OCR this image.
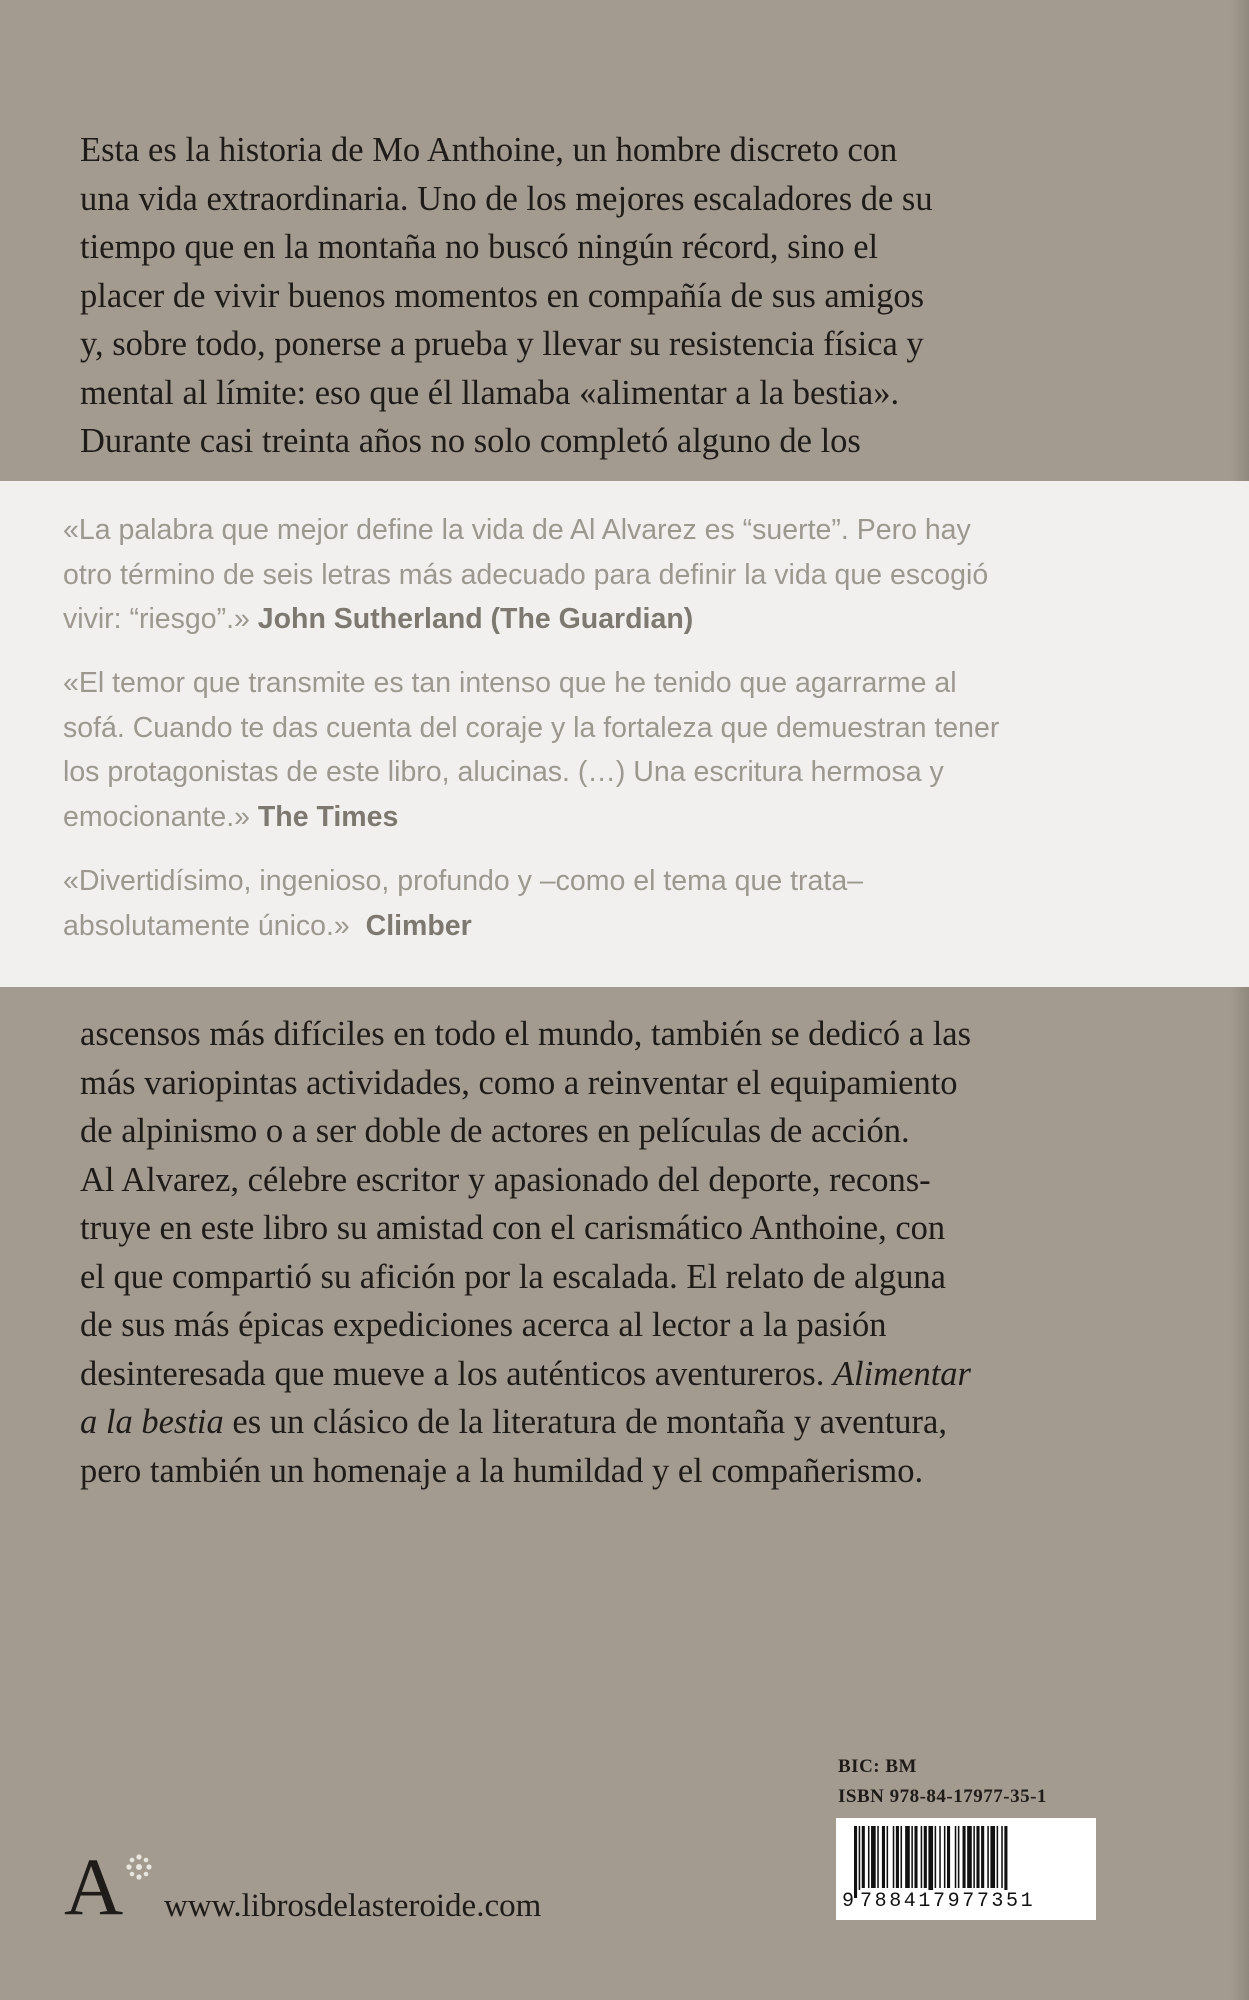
Esta es la historia de Mo Anthoine, un hombre discreto con
una vida extraordinaria. Uno de los mejores escaladores de su
tiempo que en la montaña no buscó ningún récord, sino el
placer de vivir buenos momentos en compañía de sus amigos
y, sobre todo, ponerse a prueba y llevar su resistencia física y
mental al límite: eso que él llamaba «alimentar a la bestia».
Durante casi treinta años no solo completó alguno de los
«La palabra que mejor define la vida de Al Alvarez es “suerte”. Pero hay
otro término de seis letras más adecuado para definir la vida que escogió
vivir: “riesgo”.» John Sutherland (The Guardian)
«El temor que transmite es tan intenso que he tenido que agarrarme al
sofá. Cuando te das cuenta del coraje y la fortaleza que demuestran tener
los protagonistas de este libro, alucinas. (…) Una escritura hermosa y
emocionante.» The Times
«Divertidísimo, ingenioso, profundo y –como el tema que trata–
absolutamente único.» Climber
ascensos más difíciles en todo el mundo, también se dedicó a las
más variopintas actividades, como a reinventar el equipamiento
de alpinismo o a ser doble de actores en películas de acción.
Al Alvarez, célebre escritor y apasionado del deporte, recons-
truye en este libro su amistad con el carismático Anthoine, con
el que compartió su afición por la escalada. El relato de alguna
de sus más épicas expediciones acerca al lector a la pasión
desinteresada que mueve a los auténticos aventureros. Alimentar
a la bestia es un clásico de la literatura de montaña y aventura,
pero también un homenaje a la humildad y el compañerismo.
BIC: BM
ISBN 978-84-17977-35-1
9 788417977351
A www.librosdelasteroide.com
